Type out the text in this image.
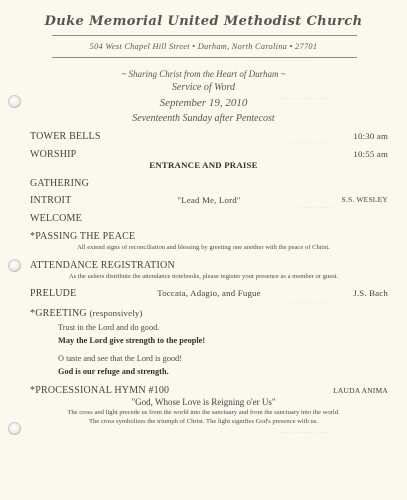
~ ~ ~ ~ ~ ~ ~ ~ ~ ~ ~ ~ ~
~ ~ ~ ~ ~ ~ ~ ~ ~ ~
~ ~ ~ ~ ~ ~ ~ ~ ~
~ ~ ~ ~ ~ ~ ~
~ ~ ~ ~ ~ ~ ~ ~ ~
~ ~ ~ ~ ~ ~ ~ ~ ~ ~
Duke Memorial United Methodist Church
504 West Chapel Hill Street • Durham, North Carolina • 27701
~ Sharing Christ from the Heart of Durham ~
Service of Word
September 19, 2010
Seventeenth Sunday after Pentecost
TOWER BELLS	10:30 am
WORSHIP	10:55 am
ENTRANCE AND PRAISE
GATHERING
INTROIT	"Lead Me, Lord"	S.S. WESLEY
WELCOME
*PASSING THE PEACE
All extend signs of reconciliation and blessing by greeting one another with the peace of Christ.
ATTENDANCE REGISTRATION
As the ushers distribute the attendance notebooks, please register your presence as a member or guest.
PRELUDE	Toccata, Adagio, and Fugue	J.S. Bach
*GREETING (responsively)
Trust in the Lord and do good.
May the Lord give strength to the people!
O taste and see that the Lord is good!
God is our refuge and strength.
*PROCESSIONAL HYMN #100	LAUDA ANIMA
"God, Whose Love is Reigning o'er Us"
The cross and light precede us from the world into the sanctuary and from the sanctuary into the world.
The cross symbolizes the triumph of Christ. The light signifies God's presence with us.
